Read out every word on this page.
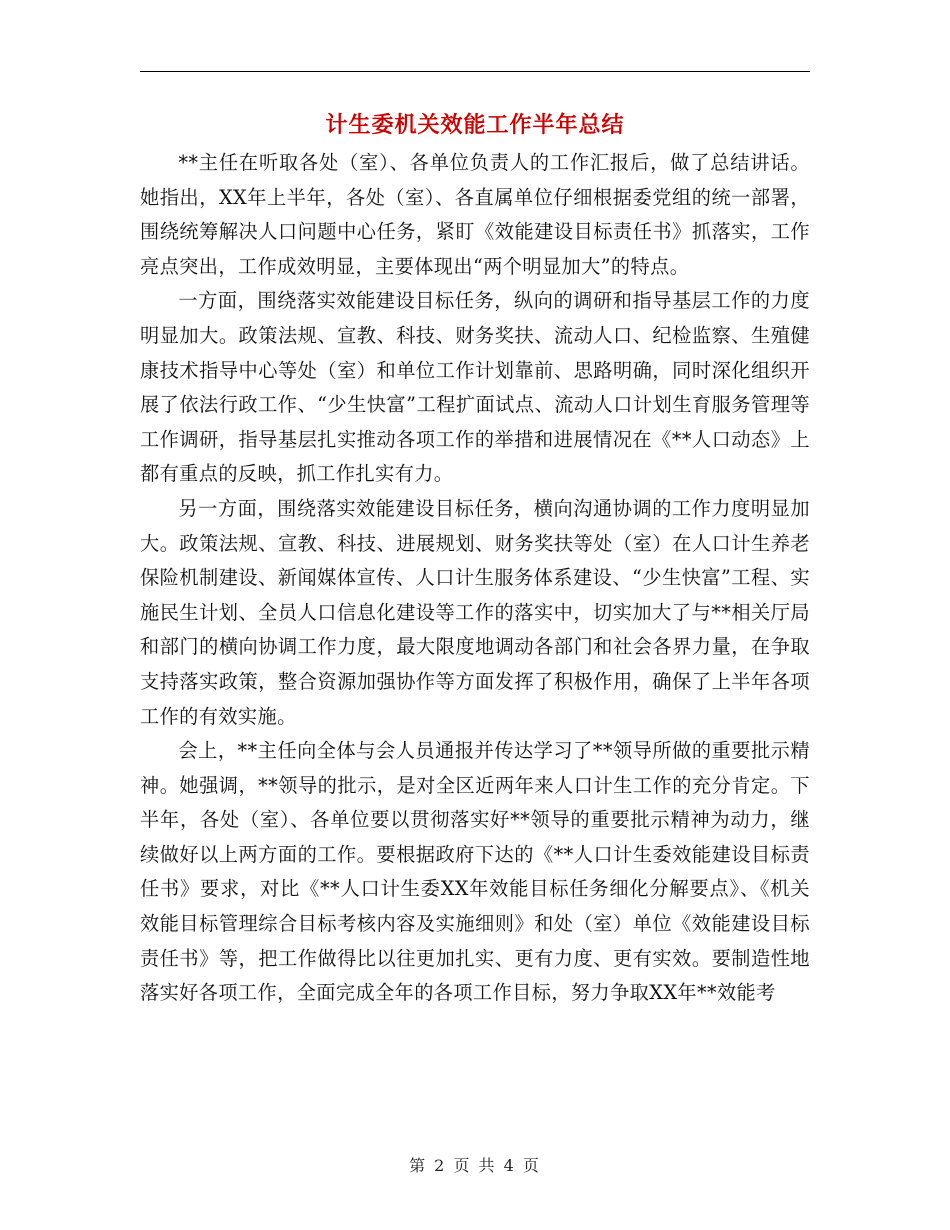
计生委机关效能工作半年总结

**主任在听取各处（室）、各单位负责人的工作汇报后，做了总结讲话。她指出，XX年上半年，各处（室）、各直属单位仔细根据委党组的统一部署，围绕统筹解决人口问题中心任务，紧盯《效能建设目标责任书》抓落实，工作亮点突出，工作成效明显，主要体现出“两个明显加大”的特点。

一方面，围绕落实效能建设目标任务，纵向的调研和指导基层工作的力度明显加大。政策法规、宣教、科技、财务奖扶、流动人口、纪检监察、生殖健康技术指导中心等处（室）和单位工作计划靠前、思路明确，同时深化组织开展了依法行政工作、“少生快富”工程扩面试点、流动人口计划生育服务管理等工作调研，指导基层扎实推动各项工作的举措和进展情况在《**人口动态》上都有重点的反映，抓工作扎实有力。

另一方面，围绕落实效能建设目标任务，横向沟通协调的工作力度明显加大。政策法规、宣教、科技、进展规划、财务奖扶等处（室）在人口计生养老保险机制建设、新闻媒体宣传、人口计生服务体系建设、“少生快富”工程、实施民生计划、全员人口信息化建设等工作的落实中，切实加大了与**相关厅局和部门的横向协调工作力度，最大限度地调动各部门和社会各界力量，在争取支持落实政策，整合资源加强协作等方面发挥了积极作用，确保了上半年各项工作的有效实施。

会上，**主任向全体与会人员通报并传达学习了**领导所做的重要批示精神。她强调，**领导的批示，是对全区近两年来人口计生工作的充分肯定。下半年，各处（室）、各单位要以贯彻落实好**领导的重要批示精神为动力，继续做好以上两方面的工作。要根据政府下达的《**人口计生委效能建设目标责任书》要求，对比《**人口计生委XX年效能目标任务细化分解要点》、《机关效能目标管理综合目标考核内容及实施细则》和处（室）单位《效能建设目标责任书》等，把工作做得比以往更加扎实、更有力度、更有实效。要制造性地落实好各项工作，全面完成全年的各项工作目标，努力争取XX年**效能考

第 2 页 共 4 页
